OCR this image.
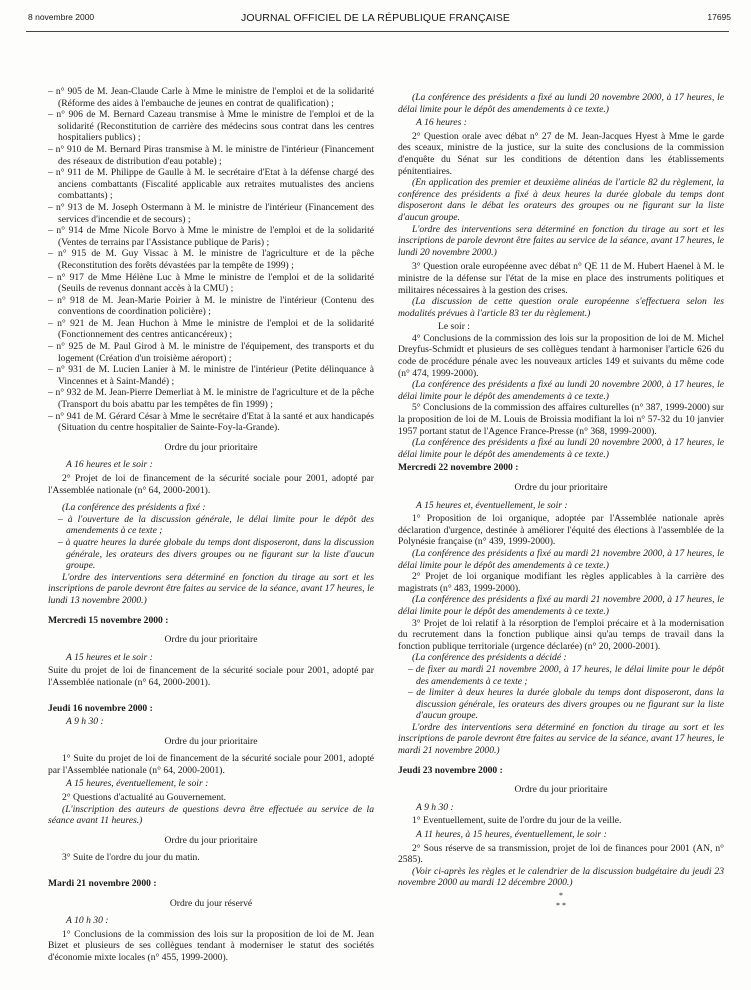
8 novembre 2000	JOURNAL OFFICIEL DE LA RÉPUBLIQUE FRANÇAISE	17695

– n° 905 de M. Jean-Claude Carle à Mme le ministre de l'emploi et de la solidarité (Réforme des aides à l'embauche de jeunes en contrat de qualification) ;

– n° 906 de M. Bernard Cazeau transmise à Mme le ministre de l'emploi et de la solidarité (Reconstitution de carrière des médecins sous contrat dans les centres hospitaliers publics) ;

– n° 910 de M. Bernard Piras transmise à M. le ministre de l'intérieur (Financement des réseaux de distribution d'eau potable) ;

– n° 911 de M. Philippe de Gaulle à M. le secrétaire d'Etat à la défense chargé des anciens combattants (Fiscalité applicable aux retraites mutualistes des anciens combattants) ;

– n° 913 de M. Joseph Ostermann à M. le ministre de l'intérieur (Financement des services d'incendie et de secours) ;

– n° 914 de Mme Nicole Borvo à Mme le ministre de l'emploi et de la solidarité (Ventes de terrains par l'Assistance publique de Paris) ;

– n° 915 de M. Guy Vissac à M. le ministre de l'agriculture et de la pêche (Reconstitution des forêts dévastées par la tempête de 1999) ;

– n° 917 de Mme Hélène Luc à Mme le ministre de l'emploi et de la solidarité (Seuils de revenus donnant accès à la CMU) ;

– n° 918 de M. Jean-Marie Poirier à M. le ministre de l'intérieur (Contenu des conventions de coordination policière) ;

– n° 921 de M. Jean Huchon à Mme le ministre de l'emploi et de la solidarité (Fonctionnement des centres anticancéreux) ;

– n° 925 de M. Paul Girod à M. le ministre de l'équipement, des transports et du logement (Création d'un troisième aéroport) ;

– n° 931 de M. Lucien Lanier à M. le ministre de l'intérieur (Petite délinquance à Vincennes et à Saint-Mandé) ;

– n° 932 de M. Jean-Pierre Demerliat à M. le ministre de l'agriculture et de la pêche (Transport du bois abattu par les tempêtes de fin 1999) ;

– n° 941 de M. Gérard César à Mme le secrétaire d'Etat à la santé et aux handicapés (Situation du centre hospitalier de Sainte-Foy-la-Grande).

Ordre du jour prioritaire

A 16 heures et le soir :

2° Projet de loi de financement de la sécurité sociale pour 2001, adopté par l'Assemblée nationale (n° 64, 2000-2001).

(La conférence des présidents a fixé :

– à l'ouverture de la discussion générale, le délai limite pour le dépôt des amendements à ce texte ;

– à quatre heures la durée globale du temps dont disposeront, dans la discussion générale, les orateurs des divers groupes ou ne figurant sur la liste d'aucun groupe.

L'ordre des interventions sera déterminé en fonction du tirage au sort et les inscriptions de parole devront être faites au service de la séance, avant 17 heures, le lundi 13 novembre 2000.)

Mercredi 15 novembre 2000 :

Ordre du jour prioritaire

A 15 heures et le soir :

Suite du projet de loi de financement de la sécurité sociale pour 2001, adopté par l'Assemblée nationale (n° 64, 2000-2001).

Jeudi 16 novembre 2000 :

A 9 h 30 :

Ordre du jour prioritaire

1° Suite du projet de loi de financement de la sécurité sociale pour 2001, adopté par l'Assemblée nationale (n° 64, 2000-2001).

A 15 heures, éventuellement, le soir :

2° Questions d'actualité au Gouvernement.

(L'inscription des auteurs de questions devra être effectuée au service de la séance avant 11 heures.)

Ordre du jour prioritaire

3° Suite de l'ordre du jour du matin.

Mardi 21 novembre 2000 :

Ordre du jour réservé

A 10 h 30 :

1° Conclusions de la commission des lois sur la proposition de loi de M. Jean Bizet et plusieurs de ses collègues tendant à moderniser le statut des sociétés d'économie mixte locales (n° 455, 1999-2000).

(La conférence des présidents a fixé au lundi 20 novembre 2000, à 17 heures, le délai limite pour le dépôt des amendements à ce texte.)

A 16 heures :

2° Question orale avec débat n° 27 de M. Jean-Jacques Hyest à Mme le garde des sceaux, ministre de la justice, sur la suite des conclusions de la commission d'enquête du Sénat sur les conditions de détention dans les établissements pénitentiaires.

(En application des premier et deuxième alinéas de l'article 82 du règlement, la conférence des présidents a fixé à deux heures la durée globale du temps dont disposeront dans le débat les orateurs des groupes ou ne figurant sur la liste d'aucun groupe.

L'ordre des interventions sera déterminé en fonction du tirage au sort et les inscriptions de parole devront être faites au service de la séance, avant 17 heures, le lundi 20 novembre 2000.)

3° Question orale européenne avec débat n° QE 11 de M. Hubert Haenel à M. le ministre de la défense sur l'état de la mise en place des instruments politiques et militaires nécessaires à la gestion des crises.

(La discussion de cette question orale européenne s'effectuera selon les modalités prévues à l'article 83 ter du règlement.)

Le soir :

4° Conclusions de la commission des lois sur la proposition de loi de M. Michel Dreyfus-Schmidt et plusieurs de ses collègues tendant à harmoniser l'article 626 du code de procédure pénale avec les nouveaux articles 149 et suivants du même code (n° 474, 1999-2000).

(La conférence des présidents a fixé au lundi 20 novembre 2000, à 17 heures, le délai limite pour le dépôt des amendements à ce texte.)

5° Conclusions de la commission des affaires culturelles (n° 387, 1999-2000) sur la proposition de loi de M. Louis de Broissia modifiant la loi n° 57-32 du 10 janvier 1957 portant statut de l'Agence France-Presse (n° 368, 1999-2000).

(La conférence des présidents a fixé au lundi 20 novembre 2000, à 17 heures, le délai limite pour le dépôt des amendements à ce texte.)

Mercredi 22 novembre 2000 :

Ordre du jour prioritaire

A 15 heures et, éventuellement, le soir :

1° Proposition de loi organique, adoptée par l'Assemblée nationale après déclaration d'urgence, destinée à améliorer l'équité des élections à l'assemblée de la Polynésie française (n° 439, 1999-2000).

(La conférence des présidents a fixé au mardi 21 novembre 2000, à 17 heures, le délai limite pour le dépôt des amendements à ce texte.)

2° Projet de loi organique modifiant les règles applicables à la carrière des magistrats (n° 483, 1999-2000).

(La conférence des présidents a fixé au mardi 21 novembre 2000, à 17 heures, le délai limite pour le dépôt des amendements à ce texte.)

3° Projet de loi relatif à la résorption de l'emploi précaire et à la modernisation du recrutement dans la fonction publique ainsi qu'au temps de travail dans la fonction publique territoriale (urgence déclarée) (n° 20, 2000-2001).

(La conférence des présidents a décidé :

– de fixer au mardi 21 novembre 2000, à 17 heures, le délai limite pour le dépôt des amendements à ce texte ;

– de limiter à deux heures la durée globale du temps dont disposeront, dans la discussion générale, les orateurs des divers groupes ou ne figurant sur la liste d'aucun groupe.

L'ordre des interventions sera déterminé en fonction du tirage au sort et les inscriptions de parole devront être faites au service de la séance, avant 17 heures, le mardi 21 novembre 2000.)

Jeudi 23 novembre 2000 :

Ordre du jour prioritaire

A 9 h 30 :

1° Eventuellement, suite de l'ordre du jour de la veille.

A 11 heures, à 15 heures, éventuellement, le soir :

2° Sous réserve de sa transmission, projet de loi de finances pour 2001 (AN, n° 2585).

(Voir ci-après les règles et le calendrier de la discussion budgétaire du jeudi 23 novembre 2000 au mardi 12 décembre 2000.)

*
* *
